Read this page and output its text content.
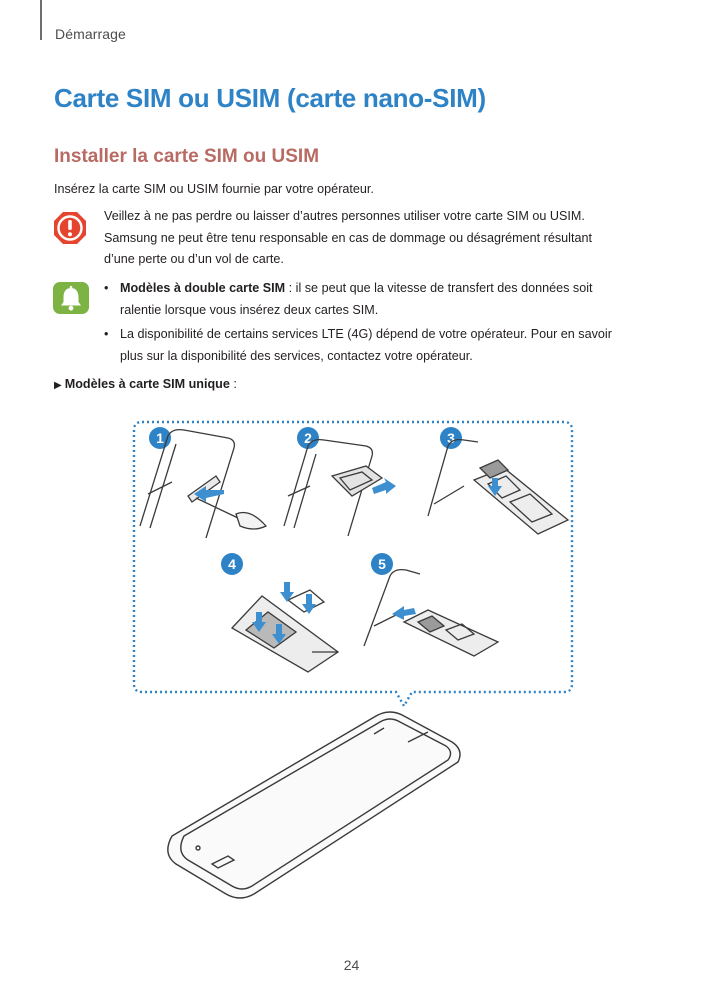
Démarrage
Carte SIM ou USIM (carte nano-SIM)
Installer la carte SIM ou USIM
Insérez la carte SIM ou USIM fournie par votre opérateur.
Veillez à ne pas perdre ou laisser d’autres personnes utiliser votre carte SIM ou USIM.
Samsung ne peut être tenu responsable en cas de dommage ou désagrément résultant
d’une perte ou d’un vol de carte.
• Modèles à double carte SIM : il se peut que la vitesse de transfert des données soit
ralentie lorsque vous insérez deux cartes SIM.
• La disponibilité de certains services LTE (4G) dépend de votre opérateur. Pour en savoir
plus sur la disponibilité des services, contactez votre opérateur.
▶ Modèles à carte SIM unique :
1	2	3
4	5
24
